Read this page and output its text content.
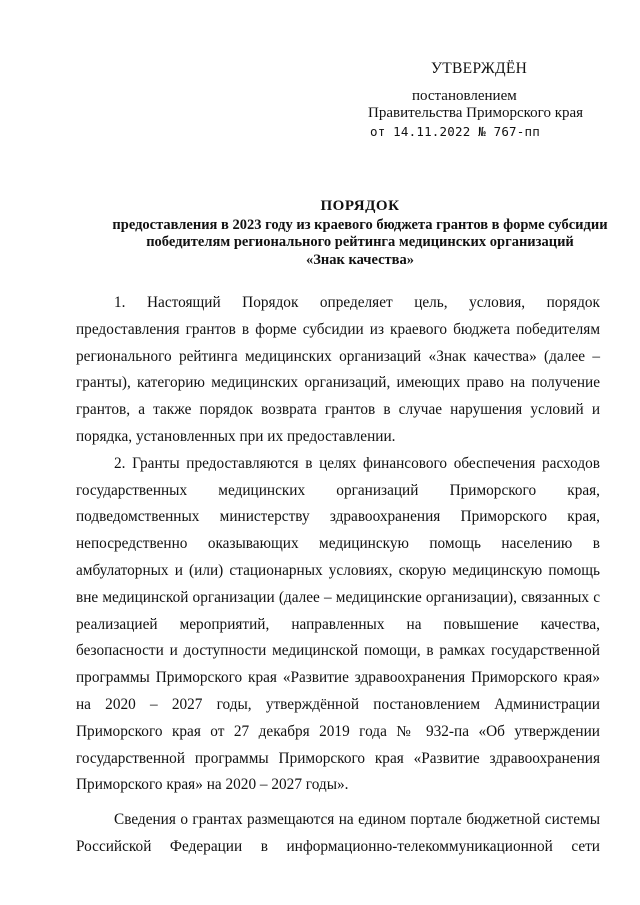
УТВЕРЖДЁН
постановлением
Правительства Приморского края
от 14.11.2022 № 767-пп
ПОРЯДОК
предоставления в 2023 году из краевого бюджета грантов в форме субсидии
победителям регионального рейтинга медицинских организаций
«Знак качества»

1. Настоящий Порядок определяет цель, условия, порядок предоставления грантов в форме субсидии из краевого бюджета победителям регионального рейтинга медицинских организаций «Знак качества» (далее – гранты), категорию медицинских организаций, имеющих право на получение грантов, а также порядок возврата грантов в случае нарушения условий и порядка, установленных при их предоставлении.

2. Гранты предоставляются в целях финансового обеспечения расходов государственных медицинских организаций Приморского края, подведомственных министерству здравоохранения Приморского края, непосредственно оказывающих медицинскую помощь населению в амбулаторных и (или) стационарных условиях, скорую медицинскую помощь вне медицинской организации (далее – медицинские организации), связанных с реализацией мероприятий, направленных на повышение качества, безопасности и доступности медицинской помощи, в рамках государственной программы Приморского края «Развитие здравоохранения Приморского края» на 2020 – 2027 годы, утверждённой постановлением Администрации Приморского края от 27 декабря 2019 года № 932-па «Об утверждении государственной программы Приморского края «Развитие здравоохранения Приморского края» на 2020 – 2027 годы».

Сведения о грантах размещаются на едином портале бюджетной системы Российской Федерации в информационно-телекоммуникационной сети
